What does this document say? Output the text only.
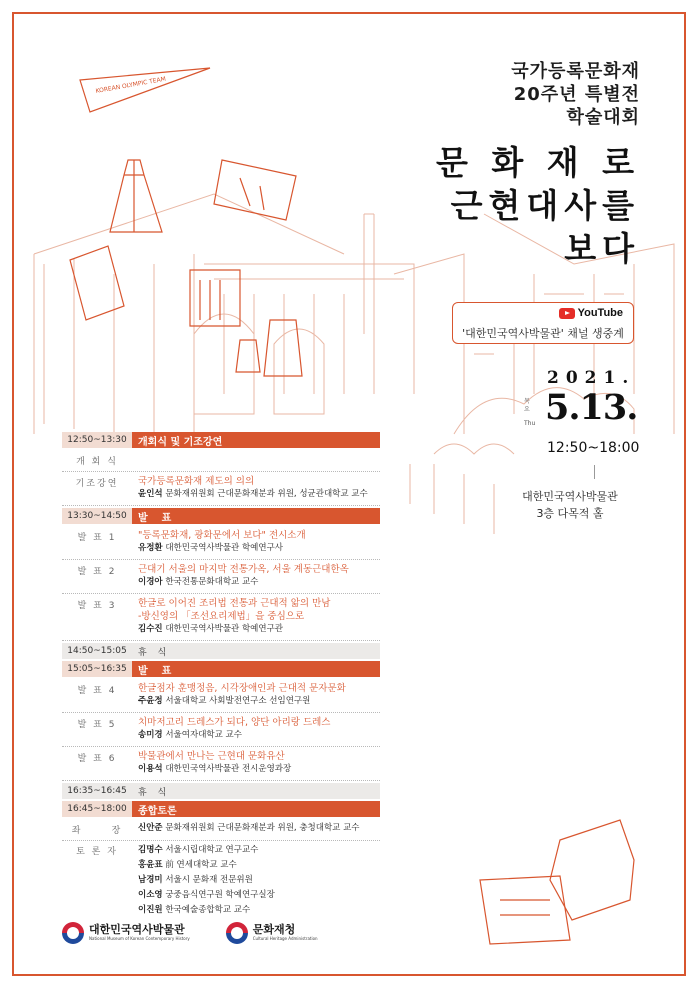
KOREAN OLYMPIC TEAM
국가등록문화재
20주년 특별전
학술대회
문 화 재 로
근현대사를
보다
YouTube
'대한민국역사박물관' 채널 생중계
2021.
목
요
Thu 5.13.
12:50~18:00
대한민국역사박물관
3층 다목적 홀
12:50~13:30	개회식 및 기조강연
개 회 식
기조강연	국가등록문화재 제도의 의의
윤인석 문화재위원회 근대문화재분과 위원, 성균관대학교 교수
13:30~14:50	발    표
발 표 1	"등록문화재, 광화문에서 보다" 전시소개
유정환 대한민국역사박물관 학예연구사
발 표 2	근대기 서울의 마지막 전통가옥, 서울 계동근대한옥
이경아 한국전통문화대학교 교수
발 표 3	한글로 이어진 조리법 전통과 근대적 앎의 만남
-방신영의 「조선요리제법」을 중심으로
김수진 대한민국역사박물관 학예연구관
14:50~15:05	휴 식
15:05~16:35	발    표
발 표 4	한글점자 훈맹정음, 시각장애인과 근대적 문자문화
주윤정 서울대학교 사회발전연구소 선임연구원
발 표 5	치마저고리 드레스가 되다, 양단 아리랑 드레스
송미경 서울여자대학교 교수
발 표 6	박물관에서 만나는 근현대 문화유산
이용석 대한민국역사박물관 전시운영과장
16:35~16:45	휴 식
16:45~18:00	종합토론
좌      장	신안준 문화재위원회 근대문화재분과 위원, 충청대학교 교수
토 론 자	김명수 서울시립대학교 연구교수
홍윤표 前 연세대학교 교수
남경미 서울시 문화재 전문위원
이소영 궁중음식연구원 학예연구실장
이진원 한국예술종합학교 교수
대한민국역사박물관
National Museum of Korean Contemporary History
문화재청
Cultural Heritage Administration
